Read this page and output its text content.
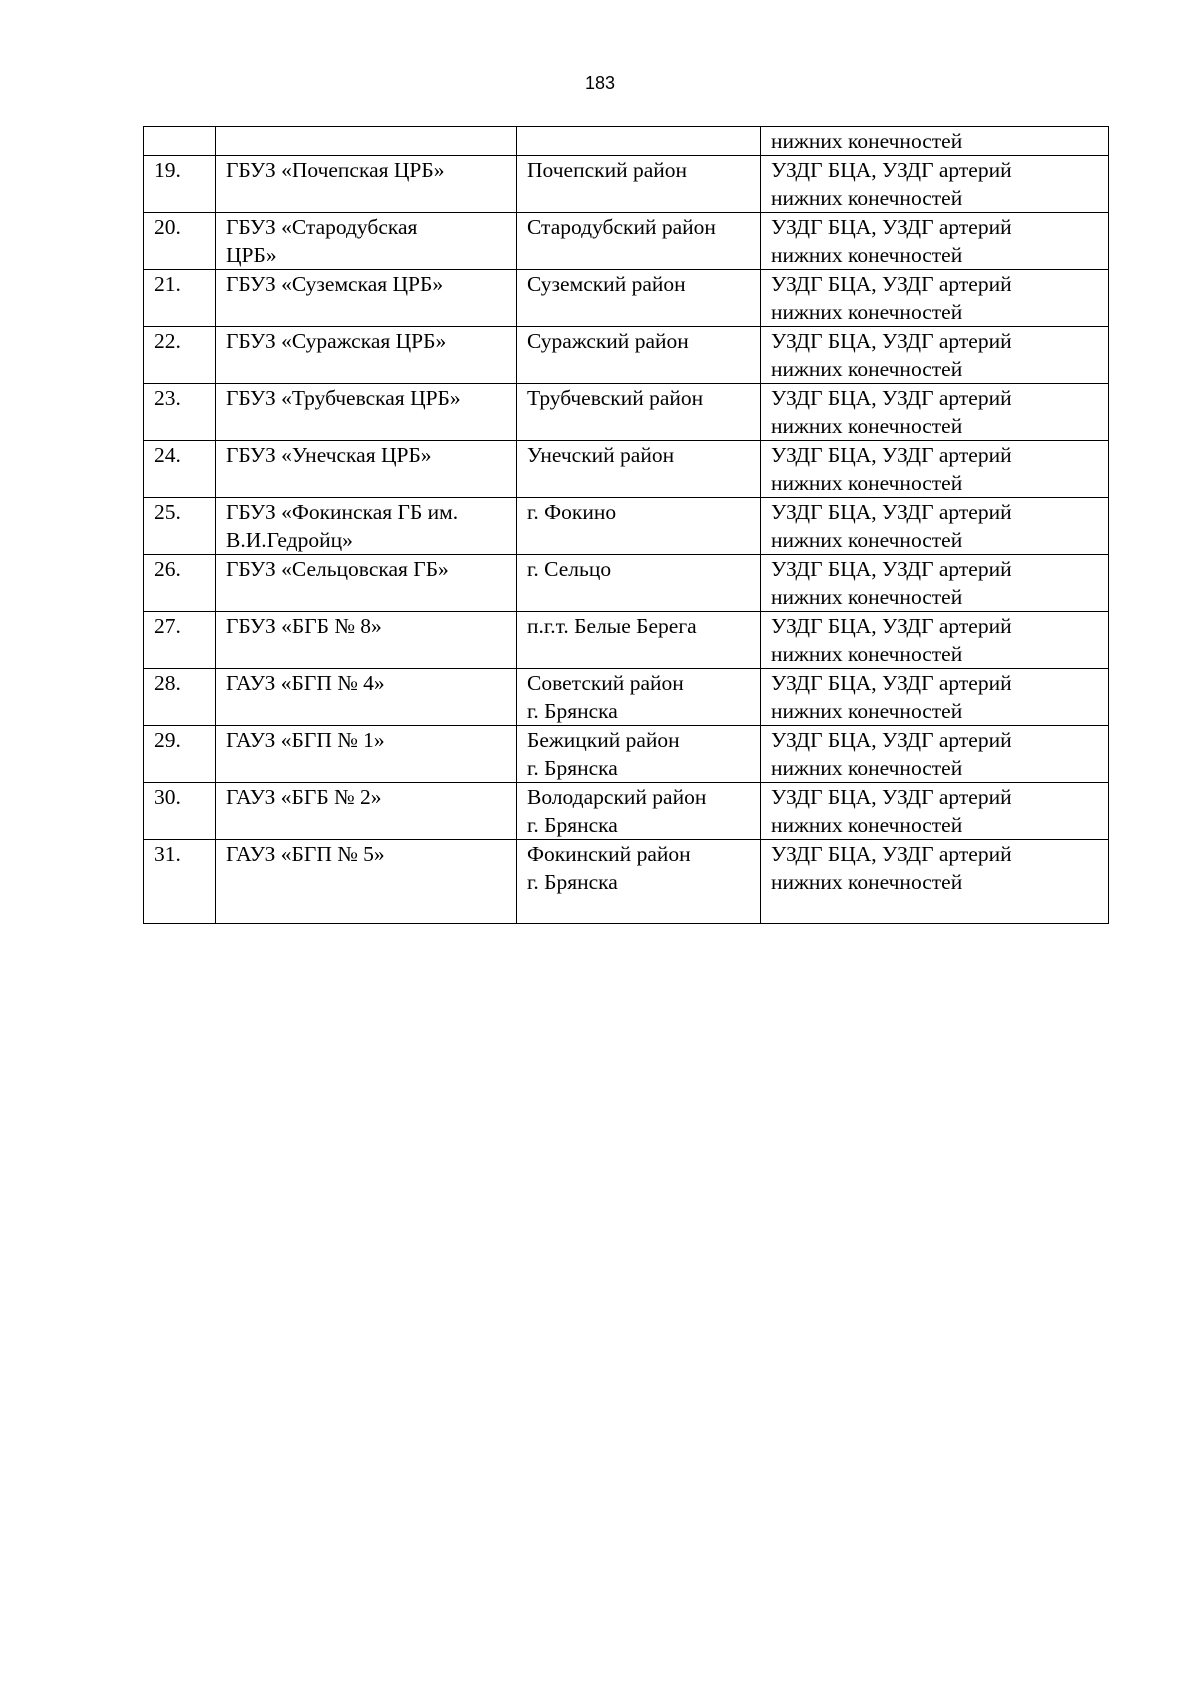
183
			нижних конечностей
19.	ГБУЗ «Почепская ЦРБ»	Почепский район	УЗДГ БЦА, УЗДГ артерий
нижних конечностей
20.	ГБУЗ «Стародубская
ЦРБ»	Стародубский район	УЗДГ БЦА, УЗДГ артерий
нижних конечностей
21.	ГБУЗ «Суземская ЦРБ»	Суземский район	УЗДГ БЦА, УЗДГ артерий
нижних конечностей
22.	ГБУЗ «Суражская ЦРБ»	Суражский район	УЗДГ БЦА, УЗДГ артерий
нижних конечностей
23.	ГБУЗ «Трубчевская ЦРБ»	Трубчевский район	УЗДГ БЦА, УЗДГ артерий
нижних конечностей
24.	ГБУЗ «Унечская ЦРБ»	Унечский район	УЗДГ БЦА, УЗДГ артерий
нижних конечностей
25.	ГБУЗ «Фокинская ГБ им.
В.И.Гедройц»	г. Фокино	УЗДГ БЦА, УЗДГ артерий
нижних конечностей
26.	ГБУЗ «Сельцовская ГБ»	г. Сельцо	УЗДГ БЦА, УЗДГ артерий
нижних конечностей
27.	ГБУЗ «БГБ № 8»	п.г.т. Белые Берега	УЗДГ БЦА, УЗДГ артерий
нижних конечностей
28.	ГАУЗ «БГП № 4»	Советский район
г. Брянска	УЗДГ БЦА, УЗДГ артерий
нижних конечностей
29.	ГАУЗ «БГП № 1»	Бежицкий район
г. Брянска	УЗДГ БЦА, УЗДГ артерий
нижних конечностей
30.	ГАУЗ «БГБ № 2»	Володарский район
г. Брянска	УЗДГ БЦА, УЗДГ артерий
нижних конечностей
31.	ГАУЗ «БГП № 5»	Фокинский район
г. Брянска	УЗДГ БЦА, УЗДГ артерий
нижних конечностей
